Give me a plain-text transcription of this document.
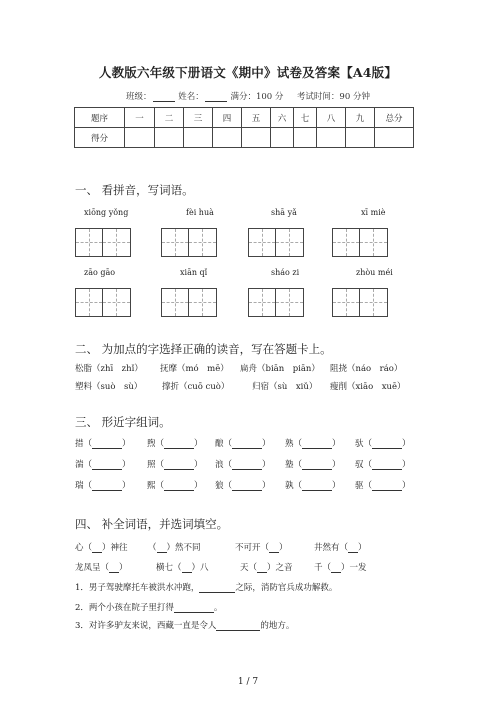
人教版六年级下册语文《期中》试卷及答案【A4版】
班级：	姓名：	满分：100 分 考试时间：90 分钟
题序	一	二	三	四	五	六	七	八	九	总分
得分										
一、 看拼音，写词语。
xiōng yǒng	fèi huà	shā yǎ	xī miè
zāo gāo	xiān qǐ	sháo zi	zhòu méi
二、 为加点的字选择正确的读音，写在答题卡上。
松脂（zhī　zhǐ） 抚摩（mó　mē） 扁舟（biān　piān） 阻挠（náo　ráo）
塑料（suò　sù） 撑折（cuō cuò）	归宿（sù　xiǔ） 瘦削（xiāo　xuē）
三、 形近字组词。
措（	） 煦（	） 酿（	） 熟（	） 驮（	）
湍（	） 照（	） 浪（	） 塾（	） 驭（	）
瑞（	） 熙（	） 狼（	） 孰（	） 驱（	）
四、 补全词语，并选词填空。
心（ ）神往 （ ）然不同	不可开（ ）	井然有（ ）
龙凤呈（ ）	横七（ ）八	天（ ）之音	千（ ）一发
1．男子驾驶摩托车被洪水冲跑，	之际，消防官兵成功解救。
2．两个小孩在院子里打得	。
3．对许多驴友来说，西藏一直是令人	的地方。
1 / 7
